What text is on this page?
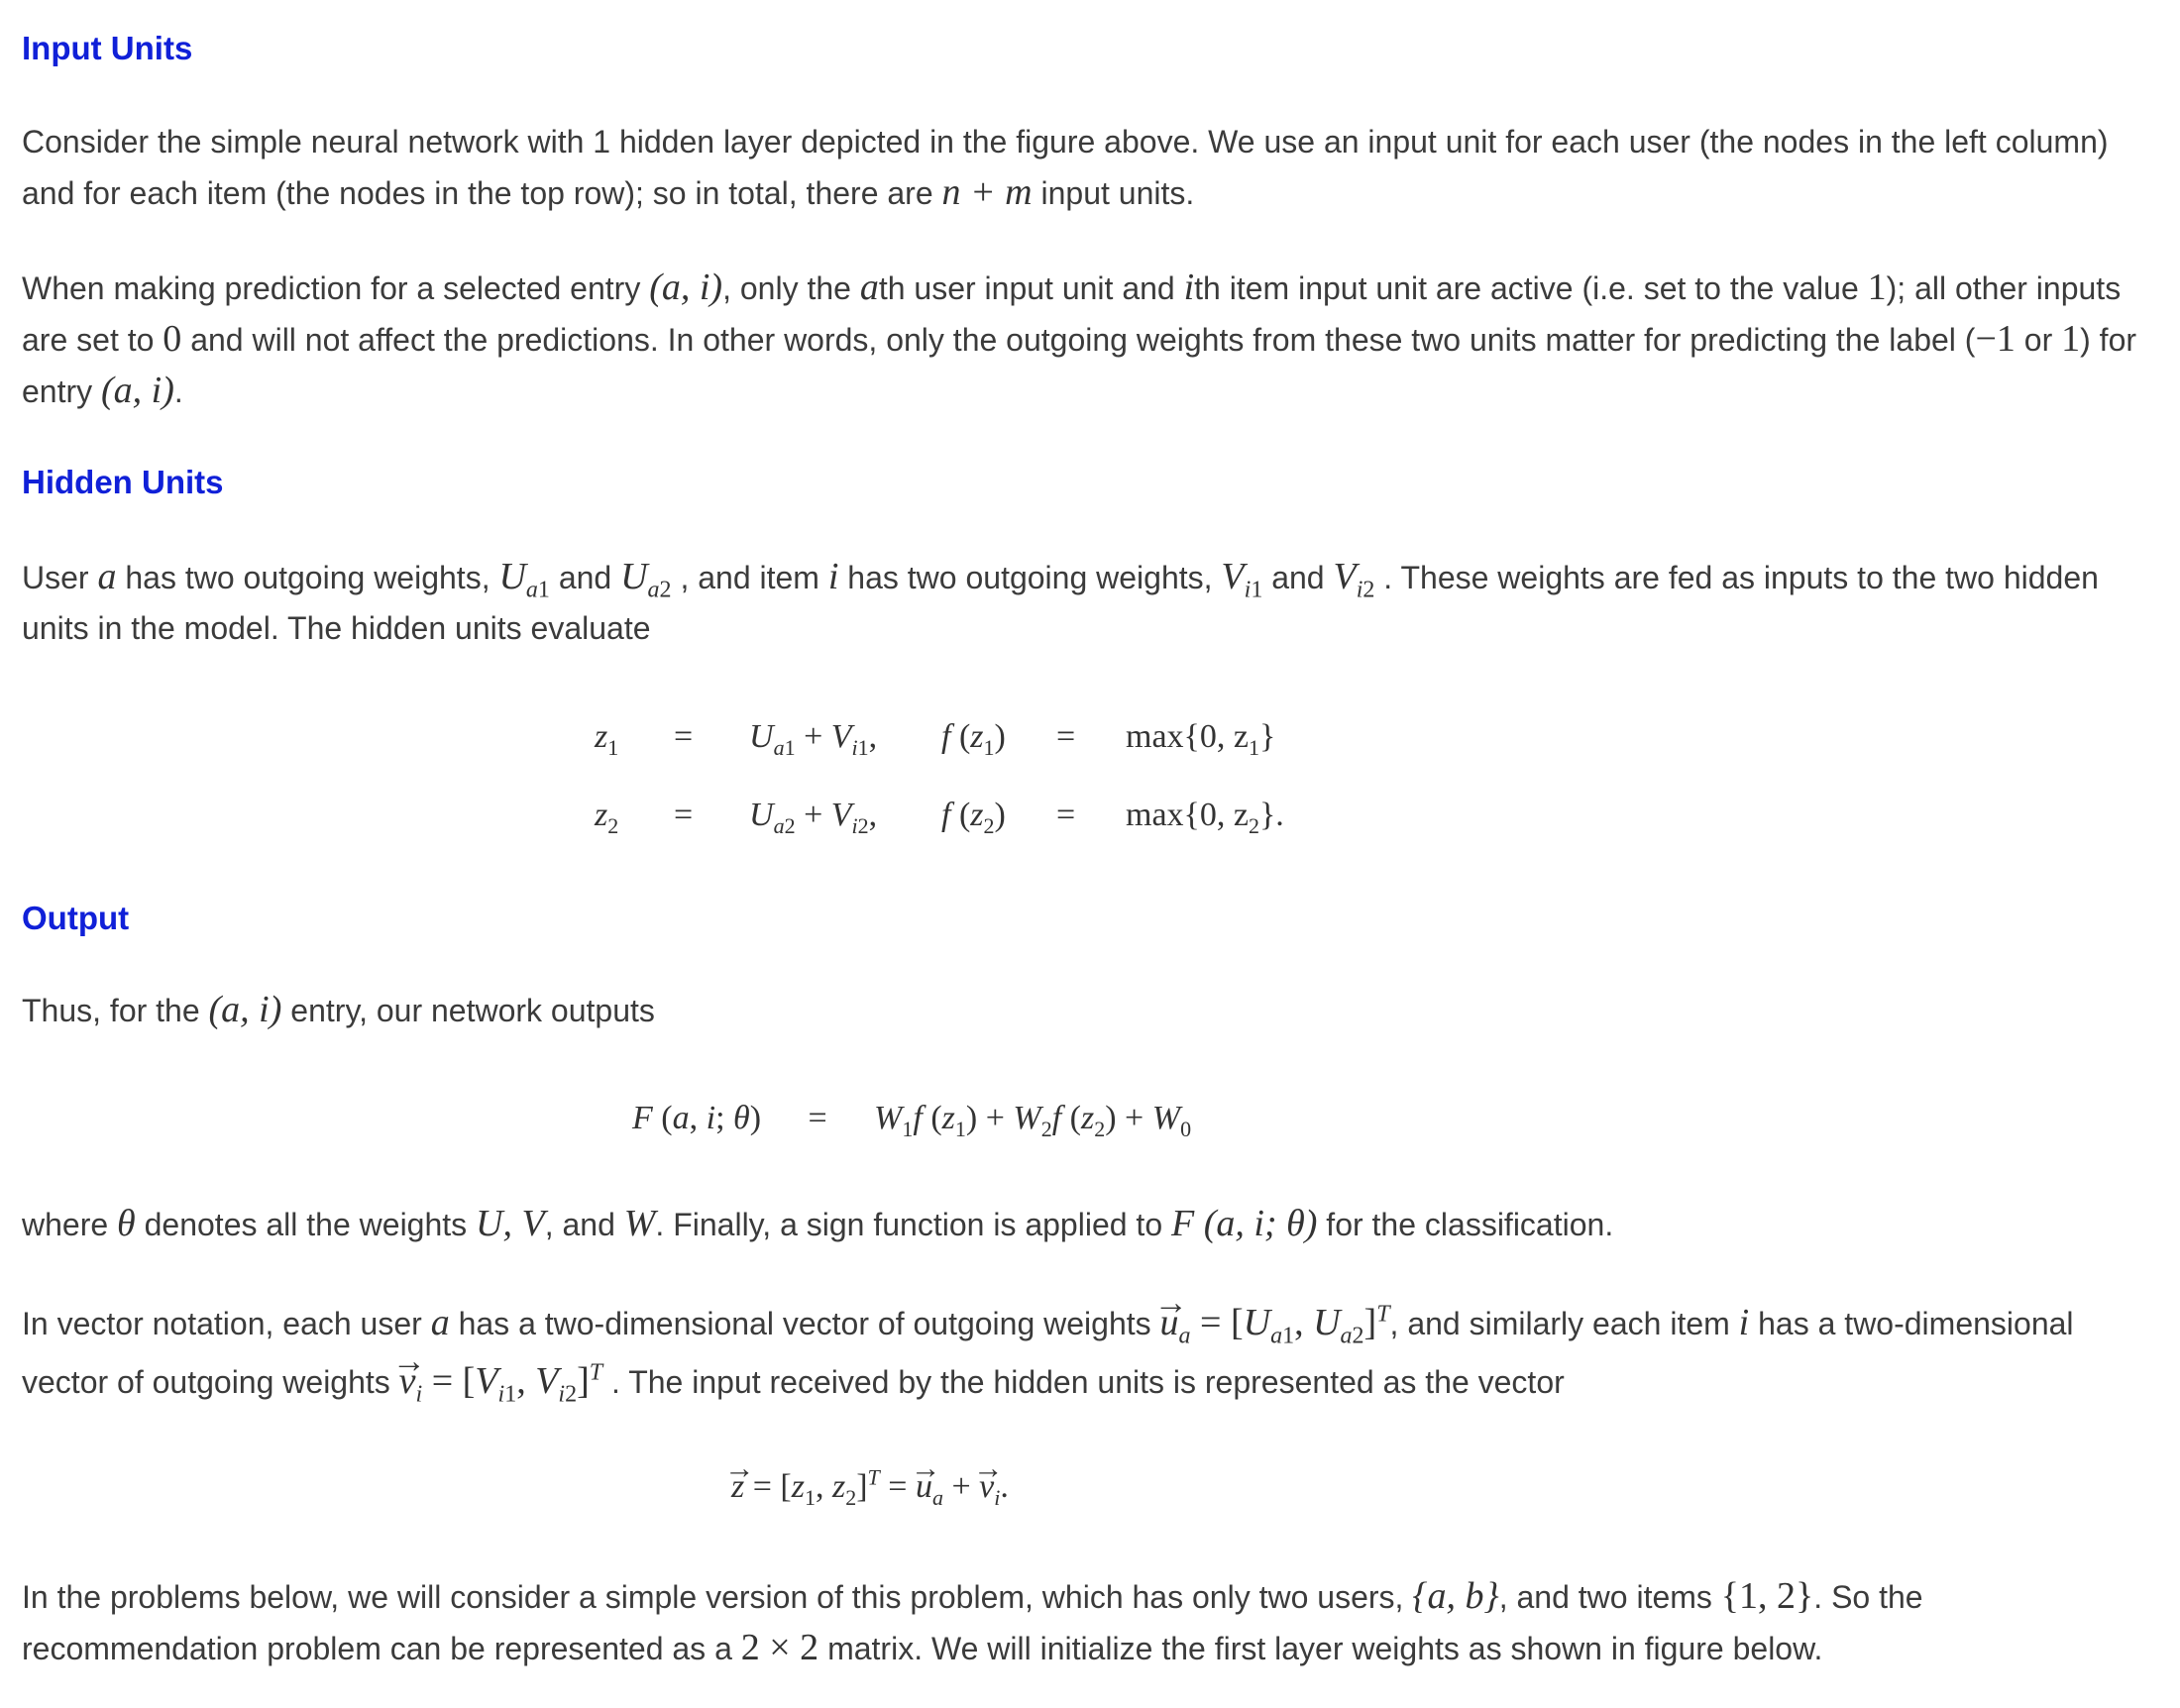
Input Units

Consider the simple neural network with 1 hidden layer depicted in the figure above. We use an input unit for each user (the nodes in the left column) and for each item (the nodes in the top row); so in total, there are n + m input units.

When making prediction for a selected entry (a, i), only the ath user input unit and ith item input unit are active (i.e. set to the value 1); all other inputs are set to 0 and will not affect the predictions. In other words, only the outgoing weights from these two units matter for predicting the label (−1 or 1) for entry (a, i).

Hidden Units

User a has two outgoing weights, $U_{a1}$ and $U_{a2}$ , and item i has two outgoing weights, $V_{i1}$ and $V_{i2}$ . These weights are fed as inputs to the two hidden units in the model. The hidden units evaluate

$z_1$	=	$U_{a1} + V_{i1}$,	f $(z_1)$	=	max{0, $z_1$}
$z_2$	=	$U_{a2} + V_{i2}$,	f $(z_2)$	=	max{0, $z_2$}.
Output

Thus, for the (a, i) entry, our network outputs

F (a, i; $\theta) = W_1f$ $(z_1) + W_2f$ $(z_2) + W_0$

where θ denotes all the weights U, V, and W. Finally, a sign function is applied to F (a, i; θ) for the classification.

In vector notation, each user a has a two-dimensional vector of outgoing weights → $u_a = [U_{a1}$, $U_{a2}]^T$, and similarly each item i has a two-dimensional vector of outgoing weights → $v_i = [V_{i1}$, $V_{i2}]^T$ . The input received by the hidden units is represented as the vector

→ $z = [z_1$, $z_2]^T$ = → $u_a$ + → $v_i$.

In the problems below, we will consider a simple version of this problem, which has only two users, {a, b}, and two items {1, 2}. So the recommendation problem can be represented as a 2 × 2 matrix. We will initialize the first layer weights as shown in figure below.
